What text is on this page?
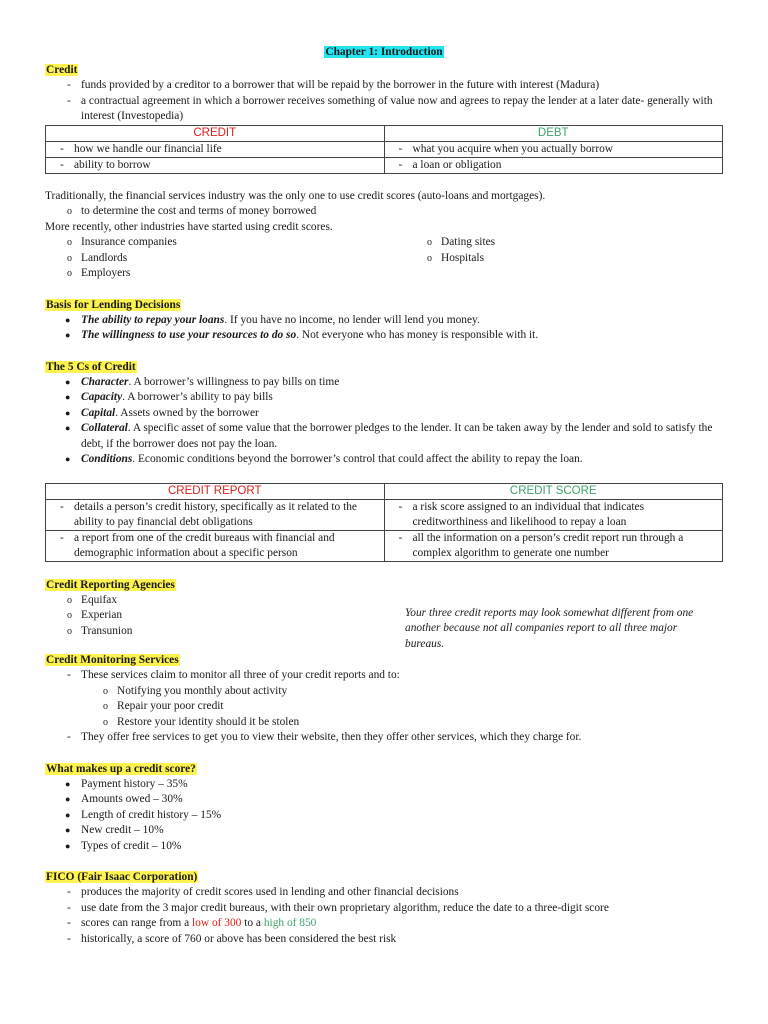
Chapter 1: Introduction

Credit

- funds provided by a creditor to a borrower that will be repaid by the borrower in the future with interest (Madura)
- a contractual agreement in which a borrower receives something of value now and agrees to repay the lender at a later date- generally with interest (Investopedia)
CREDIT	DEBT

- how we handle our financial life	- what you acquire when you actually borrow

- ability to borrow	- a loan or obligation

Traditionally, the financial services industry was the only one to use credit scores (auto-loans and mortgages).

o to determine the cost and terms of money borrowed

More recently, other industries have started using credit scores.

o Insurance companies
o Landlords
o Employers
o Dating sites
o Hospitals

Basis for Lending Decisions

● The ability to repay your loans. If you have no income, no lender will lend you money.
● The willingness to use your resources to do so. Not everyone who has money is responsible with it.

The 5 Cs of Credit

● Character. A borrower’s willingness to pay bills on time
● Capacity. A borrower’s ability to pay bills
● Capital. Assets owned by the borrower
● Collateral. A specific asset of some value that the borrower pledges to the lender. It can be taken away by the lender and sold to satisfy the debt, if the borrower does not pay the loan.
● Conditions. Economic conditions beyond the borrower’s control that could affect the ability to repay the loan.
CREDIT REPORT	CREDIT SCORE

- details a person’s credit history, specifically as it related to the ability to pay financial debt obligations	- a risk score assigned to an individual that indicates creditworthiness and likelihood to repay a loan

- a report from one of the credit bureaus with financial and demographic information about a specific person	- all the information on a person’s credit report run through a complex algorithm to generate one number

Credit Reporting Agencies

o Equifax
o Experian
o Transunion
Your three credit reports may look somewhat different from one another because not all companies report to all three major bureaus.

Credit Monitoring Services

- These services claim to monitor all three of your credit reports and to:
o Notifying you monthly about activity
o Repair your poor credit
o Restore your identity should it be stolen
- They offer free services to get you to view their website, then they offer other services, which they charge for.

What makes up a credit score?

● Payment history – 35%
● Amounts owed – 30%
● Length of credit history – 15%
● New credit – 10%
● Types of credit – 10%

FICO (Fair Isaac Corporation)

- produces the majority of credit scores used in lending and other financial decisions
- use date from the 3 major credit bureaus, with their own proprietary algorithm, reduce the date to a three-digit score
- scores can range from a low of 300 to a high of 850
- historically, a score of 760 or above has been considered the best risk
